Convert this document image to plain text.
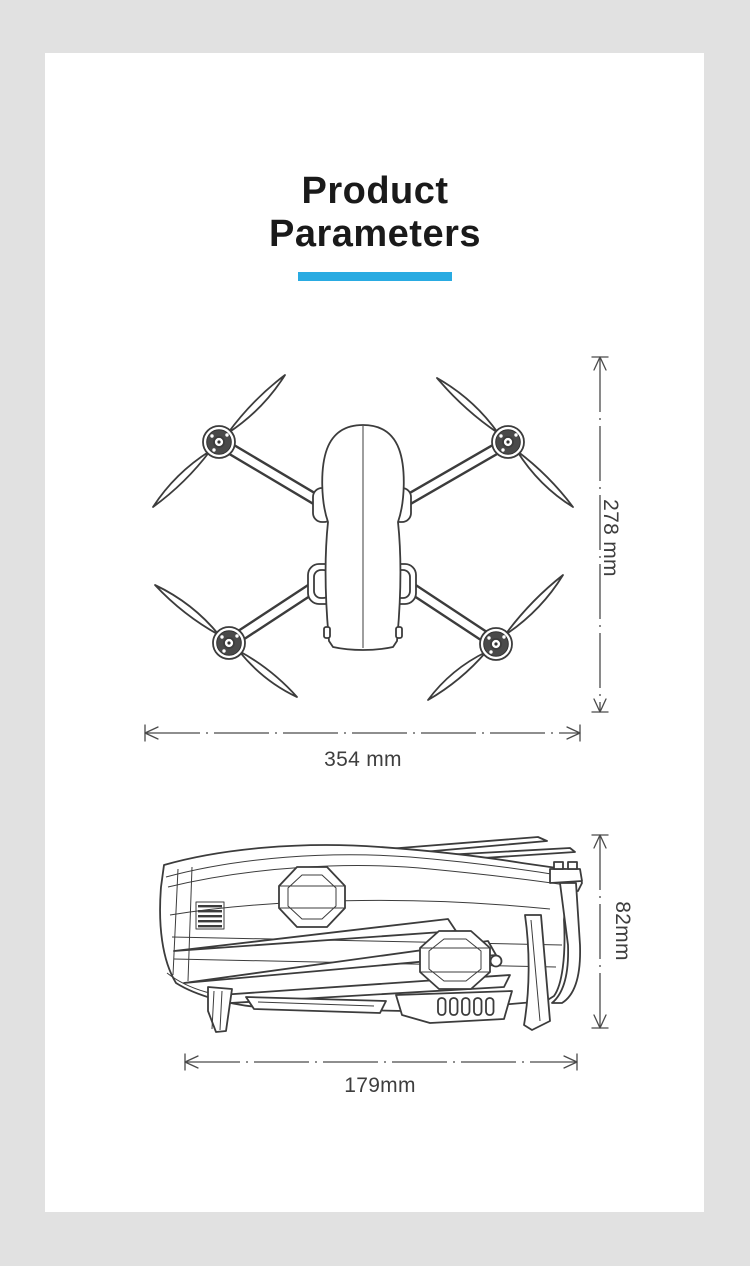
Product
Parameters
278 mm
354 mm
82mm
179mm
